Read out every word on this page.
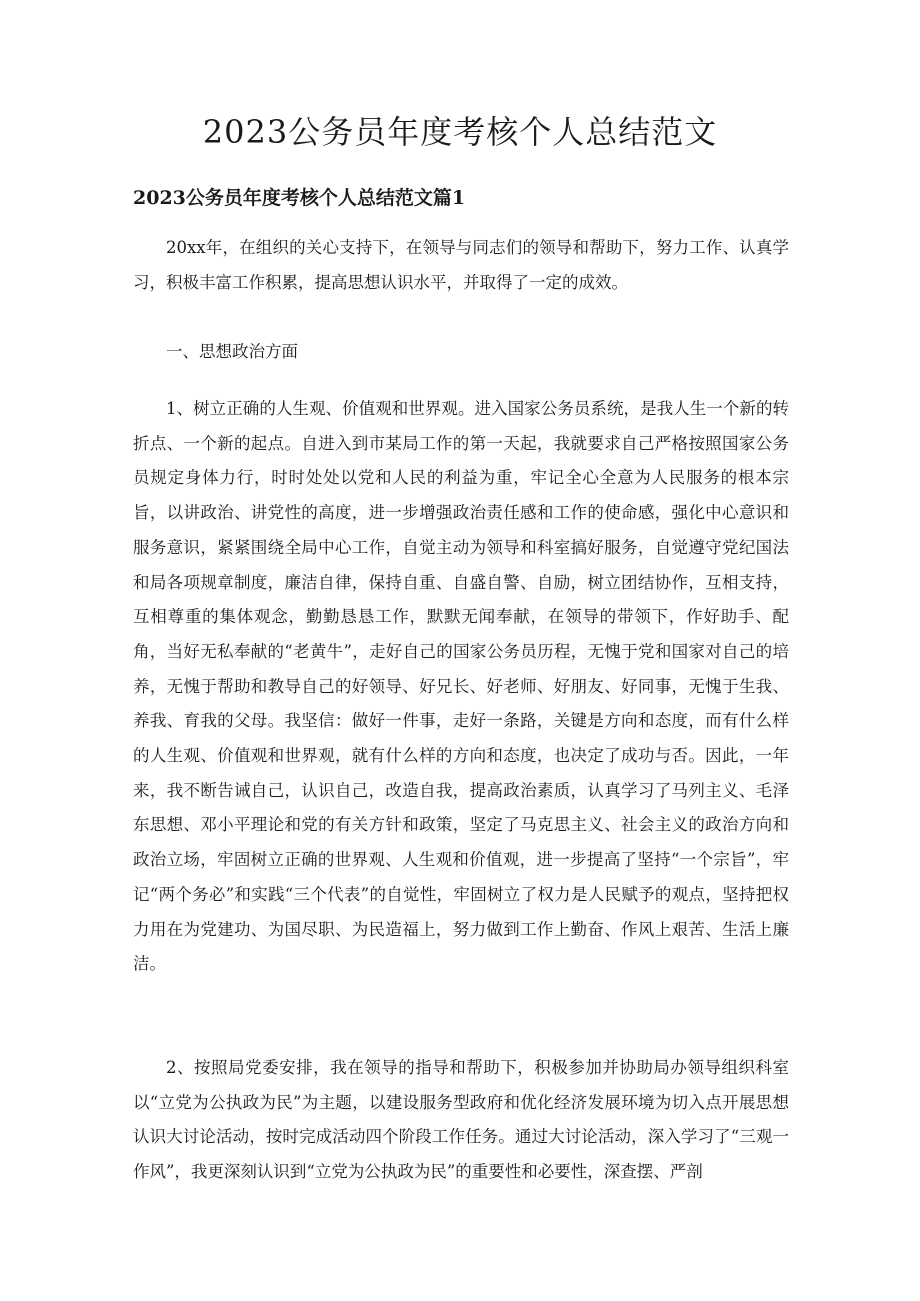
2023公务员年度考核个人总结范文
2023公务员年度考核个人总结范文篇1

20xx年，在组织的关心支持下，在领导与同志们的领导和帮助下，努力工作、认真学习，积极丰富工作积累，提高思想认识水平，并取得了一定的成效。

一、思想政治方面

1、树立正确的人生观、价值观和世界观。进入国家公务员系统，是我人生一个新的转折点、一个新的起点。自进入到市某局工作的第一天起，我就要求自己严格按照国家公务员规定身体力行，时时处处以党和人民的利益为重，牢记全心全意为人民服务的根本宗旨，以讲政治、讲党性的高度，进一步增强政治责任感和工作的使命感，强化中心意识和服务意识，紧紧围绕全局中心工作，自觉主动为领导和科室搞好服务，自觉遵守党纪国法和局各项规章制度，廉洁自律，保持自重、自盛自警、自励，树立团结协作，互相支持，互相尊重的集体观念，勤勤恳恳工作，默默无闻奉献，在领导的带领下，作好助手、配角，当好无私奉献的“老黄牛”，走好自己的国家公务员历程，无愧于党和国家对自己的培养，无愧于帮助和教导自己的好领导、好兄长、好老师、好朋友、好同事，无愧于生我、养我、育我的父母。我坚信：做好一件事，走好一条路，关键是方向和态度，而有什么样的人生观、价值观和世界观，就有什么样的方向和态度，也决定了成功与否。因此，一年来，我不断告诫自己，认识自己，改造自我，提高政治素质，认真学习了马列主义、毛泽东思想、邓小平理论和党的有关方针和政策，坚定了马克思主义、社会主义的政治方向和政治立场，牢固树立正确的世界观、人生观和价值观，进一步提高了坚持“一个宗旨”，牢记“两个务必”和实践“三个代表”的自觉性，牢固树立了权力是人民赋予的观点，坚持把权力用在为党建功、为国尽职、为民造福上，努力做到工作上勤奋、作风上艰苦、生活上廉洁。

2、按照局党委安排，我在领导的指导和帮助下，积极参加并协助局办领导组织科室以“立党为公执政为民”为主题，以建设服务型政府和优化经济发展环境为切入点开展思想认识大讨论活动，按时完成活动四个阶段工作任务。通过大讨论活动，深入学习了“三观一作风”，我更深刻认识到“立党为公执政为民”的重要性和必要性，深查摆、严剖
